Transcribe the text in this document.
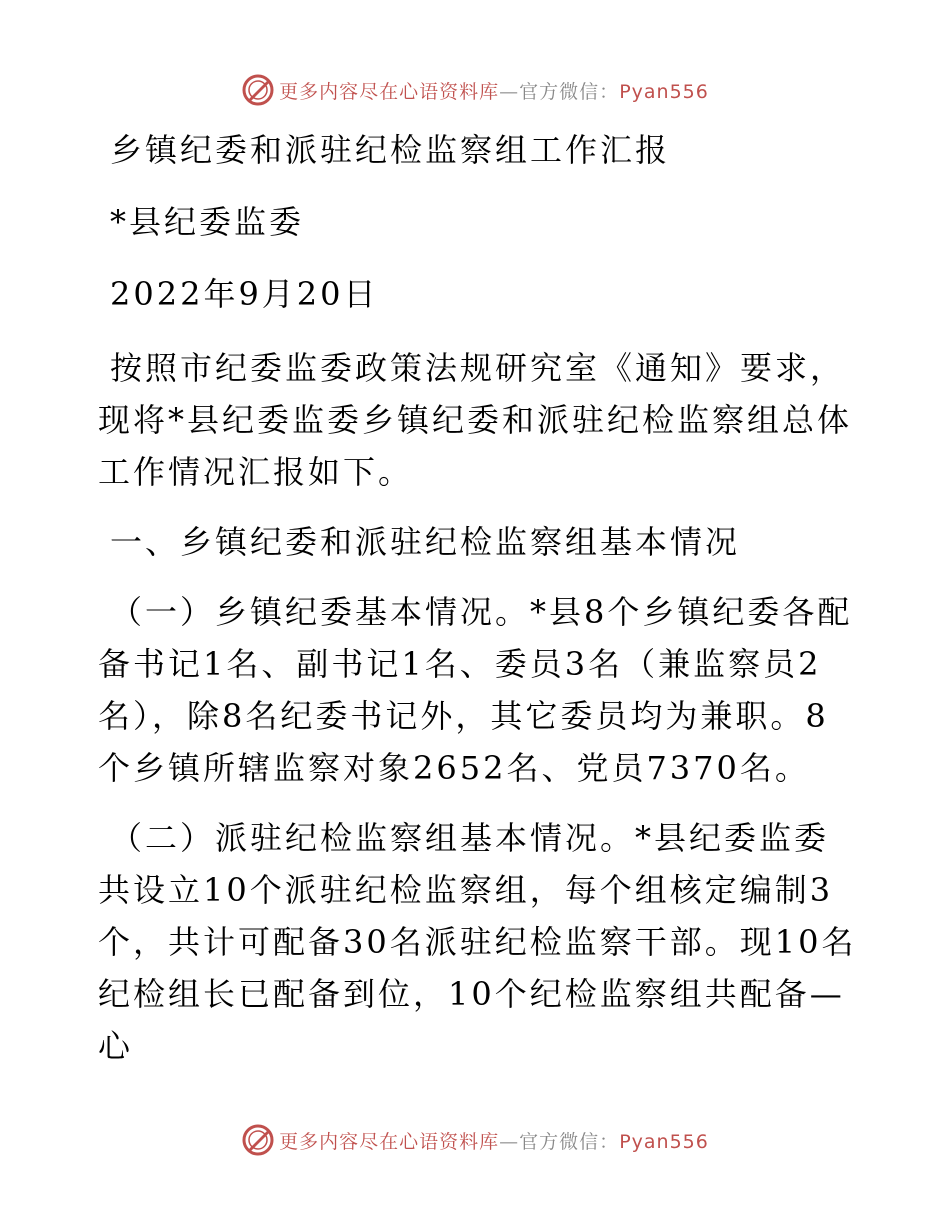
更多内容尽在心语资料库—官方微信：Pyan556

乡镇纪委和派驻纪检监察组工作汇报

*县纪委监委

2022年9月20日

按照市纪委监委政策法规研究室《通知》要求，现将*县纪委监委乡镇纪委和派驻纪检监察组总体工作情况汇报如下。

一、乡镇纪委和派驻纪检监察组基本情况

（一）乡镇纪委基本情况。*县8个乡镇纪委各配备书记1名、副书记1名、委员3名（兼监察员2名），除8名纪委书记外，其它委员均为兼职。8个乡镇所辖监察对象2652名、党员7370名。

（二）派驻纪检监察组基本情况。*县纪委监委共设立10个派驻纪检监察组，每个组核定编制3个，共计可配备30名派驻纪检监察干部。现10名纪检组长已配备到位，10个纪检监察组共配备—心

更多内容尽在心语资料库—官方微信：Pyan556
